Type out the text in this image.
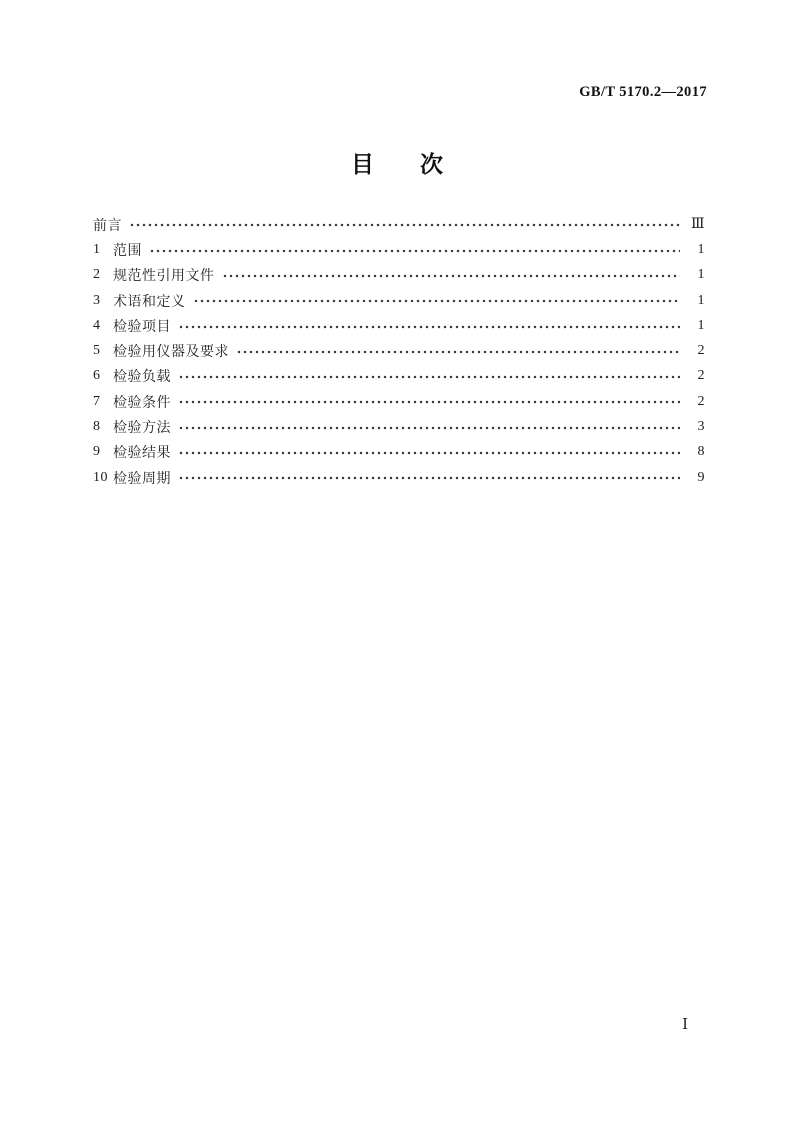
GB/T 5170.2—2017
目　　次
前言	Ⅲ
1 范围	1
2 规范性引用文件	1
3 术语和定义	1
4 检验项目	1
5 检验用仪器及要求	2
6 检验负载	2
7 检验条件	2
8 检验方法	3
9 检验结果	8
10 检验周期	9
Ⅰ
